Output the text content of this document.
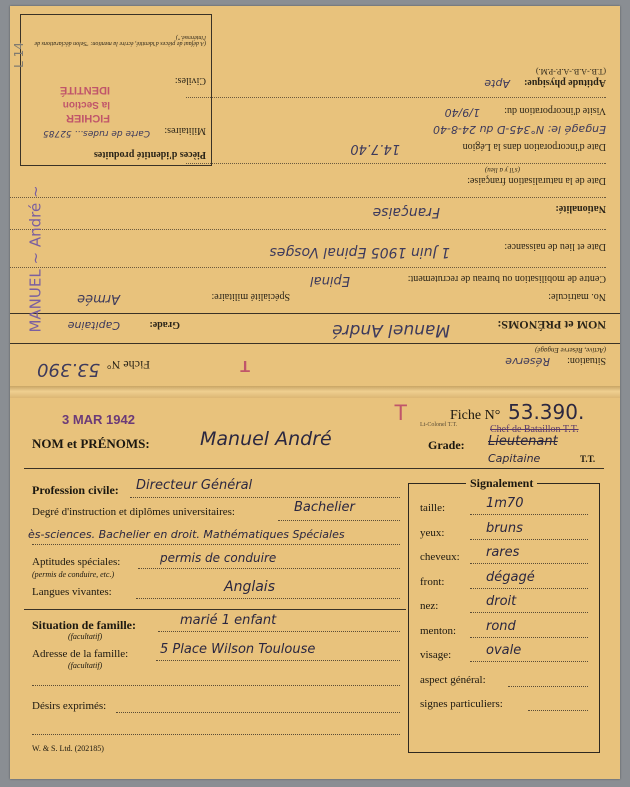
Aptitude physique:
Apte
(T.B.-A.B.-A.P.-P.M.)
Visite d'incorporation du:
1/9/40
Engagé le: N°345-D du 24-8-40
Date d'incorporation dans la Légion
14.7.40
Date de la naturalisation française:
(s'il y a lieu)
Nationalité:
Française
Date et lieu de naissance:
1 Juin 1905 Epinal Vosges
Centre de mobilisation ou bureau de recrutement:
Epinal
No. matricule:
Spécialité militaire:
Armée
NOM et PRÉNOMS:
Manuel André
Grade:
Capitaine
Situation:
Réserve
(Active, Réserve Engagé)
Fiche N°
53.390	T
Pièces d'identité produites
Militaires:
Carte de rudes... 52785
Civiles:
IDENTITÉ
la Section
FICHIER
(A défaut de pièces d'identité, écrire la mention: "Selon déclarations de l'intéressé.")
MANUEL ~ André ~
L 14
3 MAR 1942	T	Fiche N° 53.390.
Lt-Colonel T.T.	Chef de Bataillon T.T.
NOM et PRÉNOMS:	Manuel André	Grade: Lieutenant
Capitaine	T.T.
Profession civile: Directeur Général
Degré d'instruction et diplômes universitaires:	Bachelier
ès-sciences. Bachelier en droit. Mathématiques Spéciales
Aptitudes spéciales:
(permis de conduire, etc.)
permis de conduire
Langues vivantes:	Anglais
Situation de famille:
(facultatif)
marié 1 enfant
Adresse de la famille:
(facultatif)
5 Place Wilson Toulouse
Désirs exprimés:
W. & S. Ltd. (202185)
Signalement
taille:	1m70
yeux:	bruns
cheveux: rares
front:	dégagé
nez:	droit
menton: rond
visage:	ovale
aspect général:
signes particuliers:
